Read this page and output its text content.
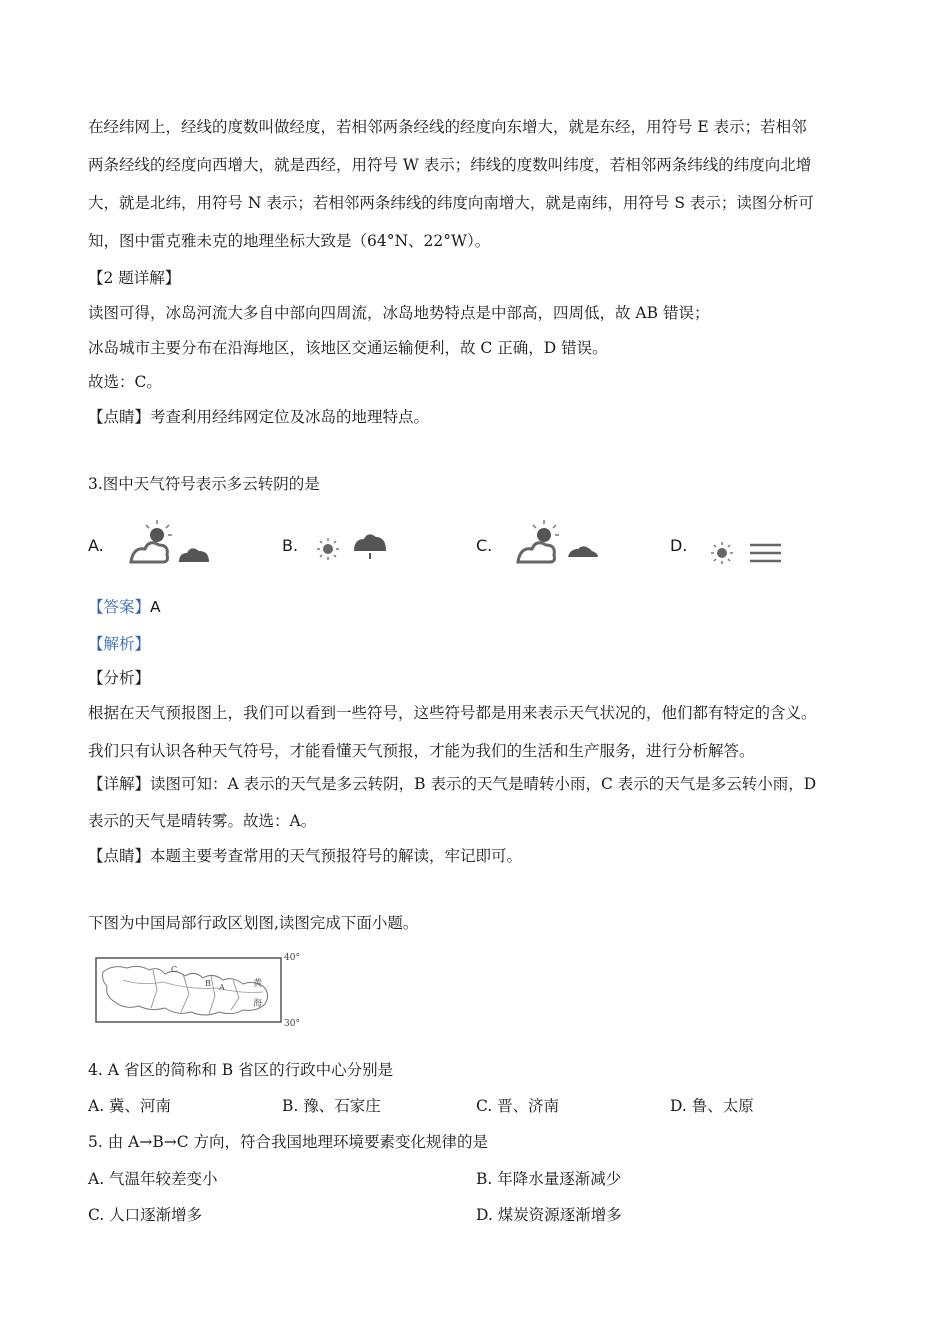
在经纬网上，经线的度数叫做经度，若相邻两条经线的经度向东增大，就是东经，用符号 E 表示；若相邻
两条经线的经度向西增大，就是西经，用符号 W 表示；纬线的度数叫纬度，若相邻两条纬线的纬度向北增
大，就是北纬，用符号 N 表示；若相邻两条纬线的纬度向南增大，就是南纬，用符号 S 表示；读图分析可
知，图中雷克雅未克的地理坐标大致是（64°N、22°W）。
【2 题详解】
读图可得，冰岛河流大多自中部向四周流，冰岛地势特点是中部高，四周低，故 AB 错误；
冰岛城市主要分布在沿海地区，该地区交通运输便利，故 C 正确，D 错误。
故选：C。
【点睛】考查利用经纬网定位及冰岛的地理特点。
3.图中天气符号表示多云转阴的是
A.	B.	C.	D.
【答案】A
【解析】
【分析】
根据在天气预报图上，我们可以看到一些符号，这些符号都是用来表示天气状况的，他们都有特定的含义。
我们只有认识各种天气符号，才能看懂天气预报，才能为我们的生活和生产服务，进行分析解答。
【详解】读图可知：A 表示的天气是多云转阴，B 表示的天气是晴转小雨，C 表示的天气是多云转小雨，D
表示的天气是晴转雾。故选：A。
【点睛】本题主要考查常用的天气预报符号的解读，牢记即可。
下图为中国局部行政区划图,读图完成下面小题。
C
B A	黄
海
40°
30°
4. A 省区的简称和 B 省区的行政中心分别是
A. 冀、河南	B. 豫、石家庄	C. 晋、济南	D. 鲁、太原
5. 由 A→B→C 方向，符合我国地理环境要素变化规律的是
A. 气温年较差变小	B. 年降水量逐渐减少
C. 人口逐渐增多	D. 煤炭资源逐渐增多
